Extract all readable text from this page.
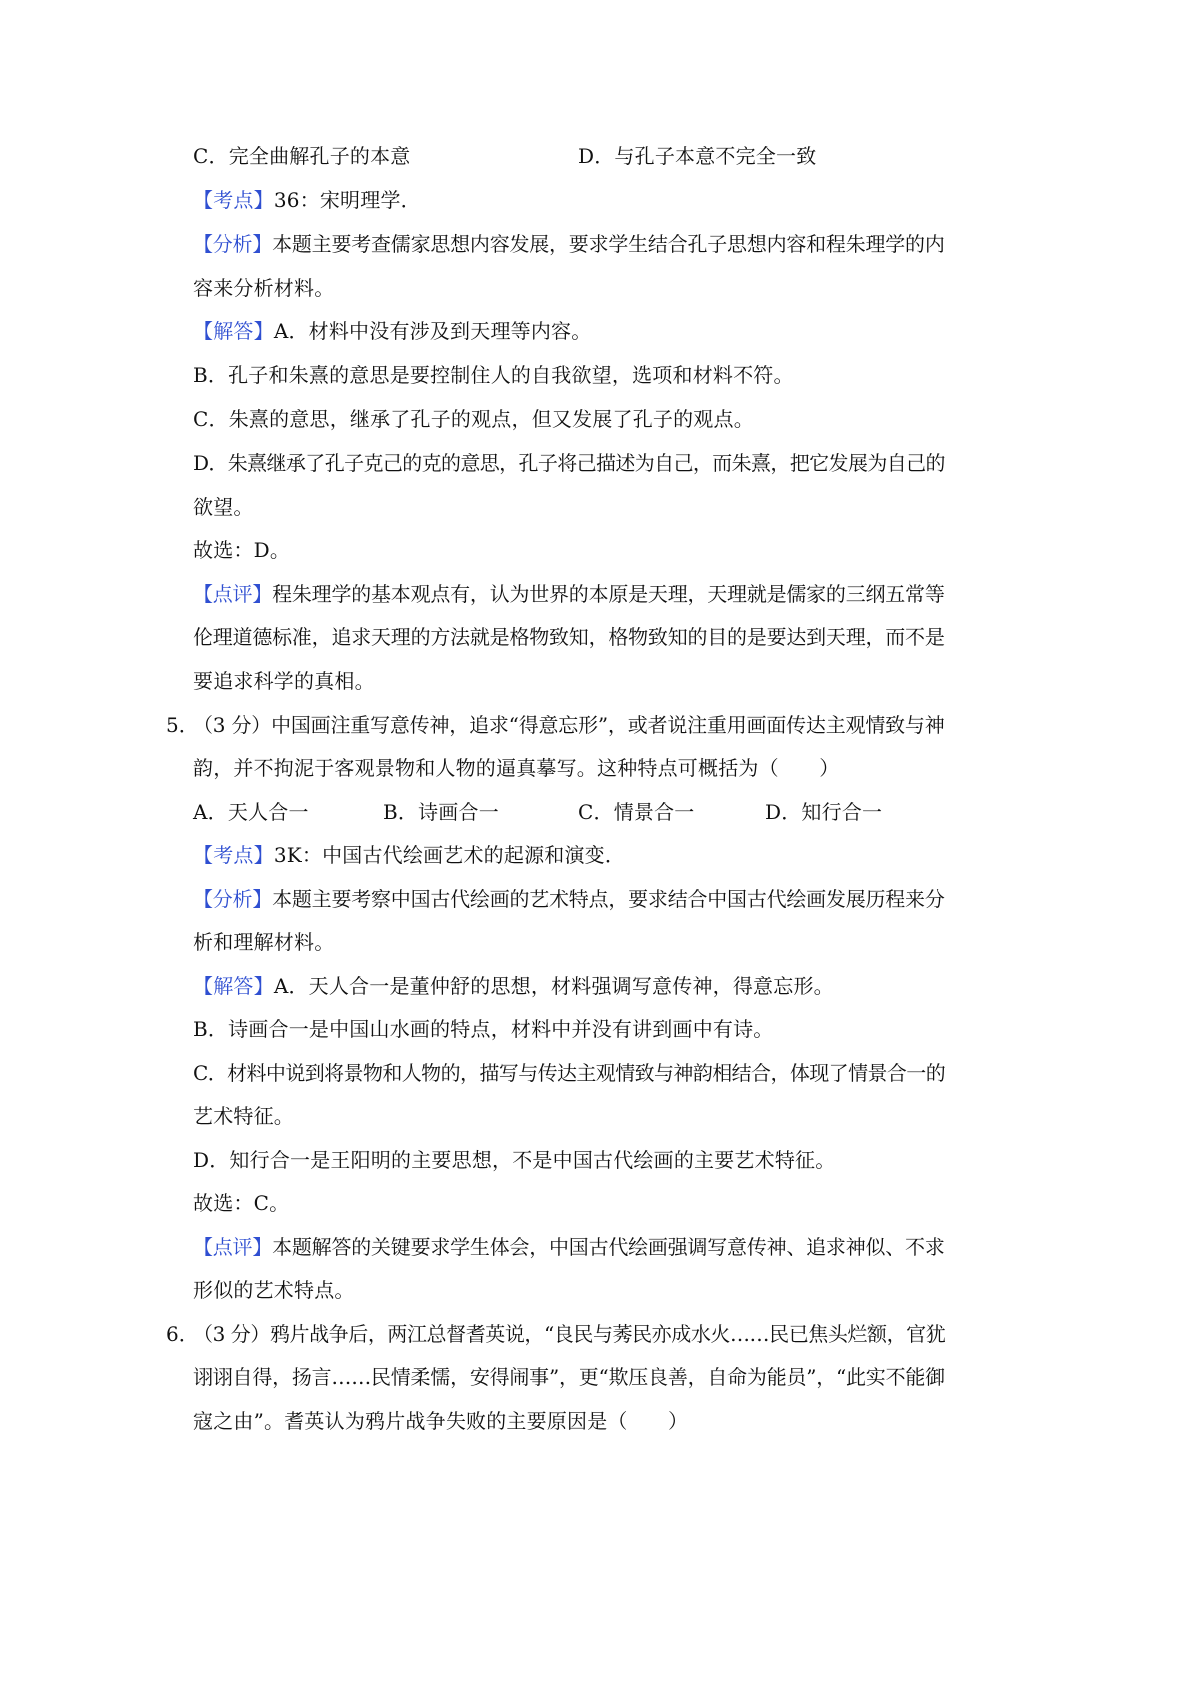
C．完全曲解孔子的本意	D．与孔子本意不完全一致
【考点】36：宋明理学．
【分析】本题主要考查儒家思想内容发展，要求学生结合孔子思想内容和程朱理学的内
容来分析材料。
【解答】A．材料中没有涉及到天理等内容。
B．孔子和朱熹的意思是要控制住人的自我欲望，选项和材料不符。
C．朱熹的意思，继承了孔子的观点，但又发展了孔子的观点。
D．朱熹继承了孔子克己的克的意思，孔子将己描述为自己，而朱熹，把它发展为自己的
欲望。
故选：D。
【点评】程朱理学的基本观点有，认为世界的本原是天理，天理就是儒家的三纲五常等
伦理道德标准，追求天理的方法就是格物致知，格物致知的目的是要达到天理，而不是
要追求科学的真相。
5．
（3 分）中国画注重写意传神，追求“得意忘形”，或者说注重用画面传达主观情致与神
韵，并不拘泥于客观景物和人物的逼真摹写。这种特点可概括为（　　）
A．天人合一	B．诗画合一	C．情景合一	D．知行合一
【考点】3K：中国古代绘画艺术的起源和演变．
【分析】本题主要考察中国古代绘画的艺术特点，要求结合中国古代绘画发展历程来分
析和理解材料。
【解答】A．天人合一是董仲舒的思想，材料强调写意传神，得意忘形。
B．诗画合一是中国山水画的特点，材料中并没有讲到画中有诗。
C．材料中说到将景物和人物的，描写与传达主观情致与神韵相结合，体现了情景合一的
艺术特征。
D．知行合一是王阳明的主要思想，不是中国古代绘画的主要艺术特征。
故选：C。
【点评】本题解答的关键要求学生体会，中国古代绘画强调写意传神、追求神似、不求
形似的艺术特点。
6．
（3 分）鸦片战争后，两江总督耆英说，“良民与莠民亦成水火……民已焦头烂额，官犹
诩诩自得，扬言……民情柔懦，安得闹事”，更“欺压良善，自命为能员”，“此实不能御
寇之由”。耆英认为鸦片战争失败的主要原因是（　　）
